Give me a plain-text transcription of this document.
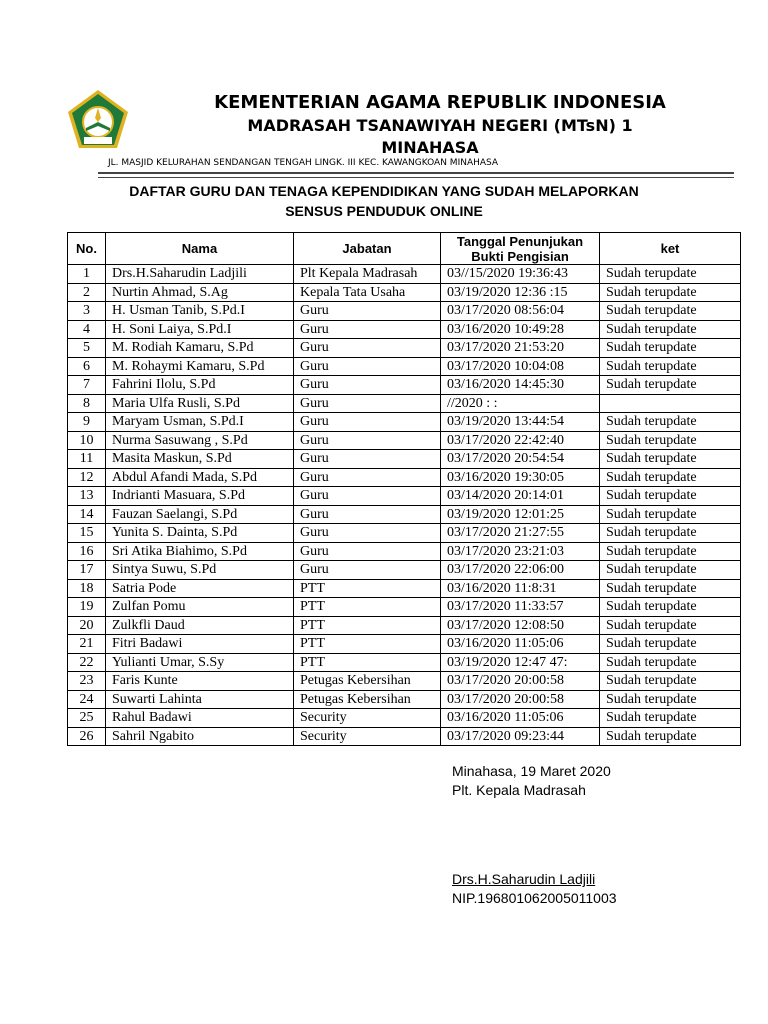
KEMENTERIAN AGAMA REPUBLIK INDONESIA
MADRASAH TSANAWIYAH NEGERI (MTsN) 1
MINAHASA
JL. MASJID KELURAHAN SENDANGAN TENGAH LINGK. III KEC. KAWANGKOAN MINAHASA
DAFTAR GURU DAN TENAGA KEPENDIDIKAN YANG SUDAH MELAPORKAN
SENSUS PENDUDUK ONLINE
No.	Nama	Jabatan	Tanggal Penunjukan Bukti Pengisian	ket
1	Drs.H.Saharudin Ladjili	Plt Kepala Madrasah	03//15/2020 19:36:43	Sudah terupdate
2	Nurtin Ahmad, S.Ag	Kepala Tata Usaha	03/19/2020 12:36 :15	Sudah terupdate
3	H. Usman Tanib, S.Pd.I	Guru	03/17/2020 08:56:04	Sudah terupdate
4	H. Soni Laiya, S.Pd.I	Guru	03/16/2020 10:49:28	Sudah terupdate
5	M. Rodiah Kamaru, S.Pd	Guru	03/17/2020 21:53:20	Sudah terupdate
6	M. Rohaymi Kamaru, S.Pd	Guru	03/17/2020 10:04:08	Sudah terupdate
7	Fahrini Ilolu, S.Pd	Guru	03/16/2020 14:45:30	Sudah terupdate
8	Maria Ulfa Rusli, S.Pd	Guru	//2020 : :	
9	Maryam Usman, S.Pd.I	Guru	03/19/2020 13:44:54	Sudah terupdate
10	Nurma Sasuwang , S.Pd	Guru	03/17/2020 22:42:40	Sudah terupdate
11	Masita Maskun, S.Pd	Guru	03/17/2020 20:54:54	Sudah terupdate
12	Abdul Afandi Mada, S.Pd	Guru	03/16/2020 19:30:05	Sudah terupdate
13	Indrianti Masuara, S.Pd	Guru	03/14/2020 20:14:01	Sudah terupdate
14	Fauzan Saelangi, S.Pd	Guru	03/19/2020 12:01:25	Sudah terupdate
15	Yunita S. Dainta, S.Pd	Guru	03/17/2020 21:27:55	Sudah terupdate
16	Sri Atika Biahimo, S.Pd	Guru	03/17/2020 23:21:03	Sudah terupdate
17	Sintya Suwu, S.Pd	Guru	03/17/2020 22:06:00	Sudah terupdate
18	Satria Pode	PTT	03/16/2020 11:8:31	Sudah terupdate
19	Zulfan Pomu	PTT	03/17/2020 11:33:57	Sudah terupdate
20	Zulkfli Daud	PTT	03/17/2020 12:08:50	Sudah terupdate
21	Fitri Badawi	PTT	03/16/2020 11:05:06	Sudah terupdate
22	Yulianti Umar, S.Sy	PTT	03/19/2020 12:47 47:	Sudah terupdate
23	Faris Kunte	Petugas Kebersihan	03/17/2020 20:00:58	Sudah terupdate
24	Suwarti Lahinta	Petugas Kebersihan	03/17/2020 20:00:58	Sudah terupdate
25	Rahul Badawi	Security	03/16/2020 11:05:06	Sudah terupdate
26	Sahril Ngabito	Security	03/17/2020 09:23:44	Sudah terupdate
Minahasa, 19 Maret 2020
Plt. Kepala Madrasah
Drs.H.Saharudin Ladjili
NIP.196801062005011003
